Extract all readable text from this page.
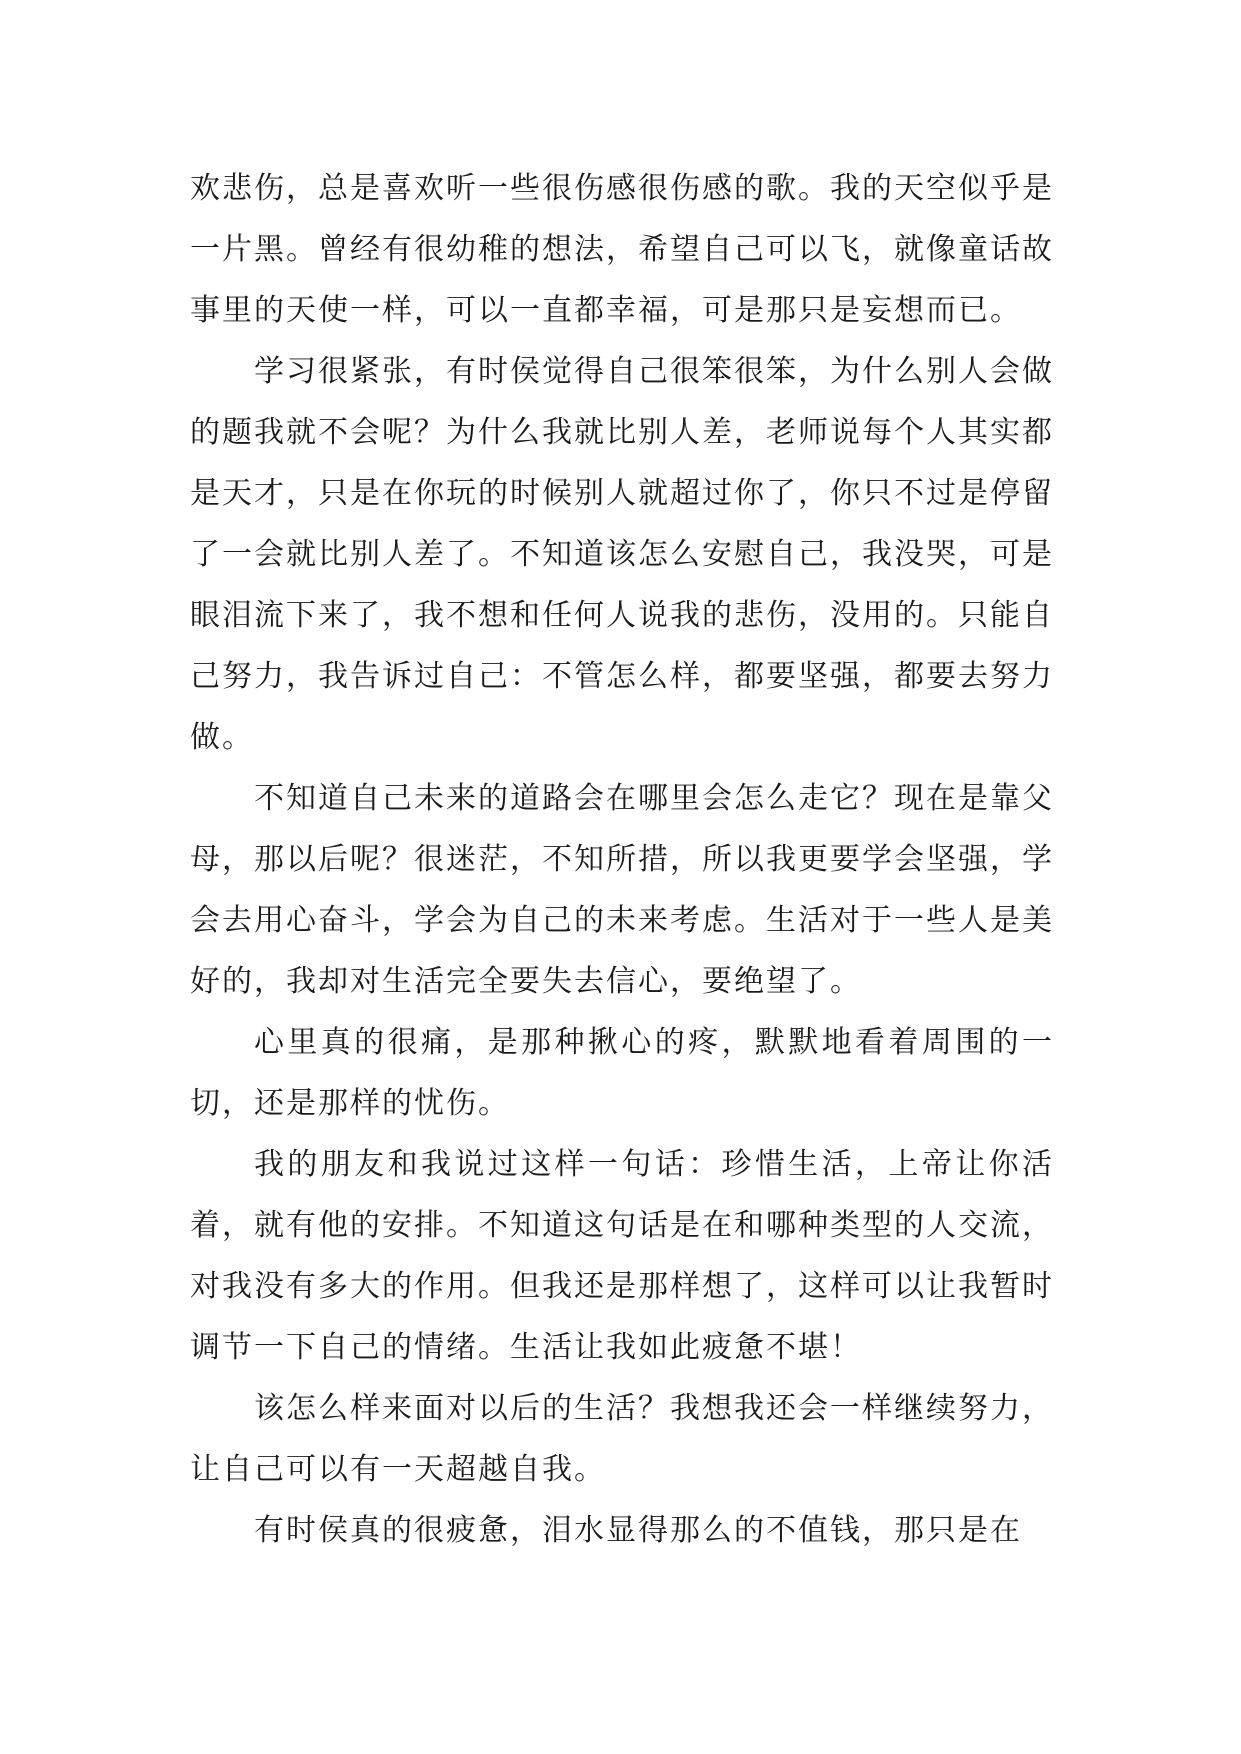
欢悲伤，总是喜欢听一些很伤感很伤感的歌。我的天空似乎是一片黑。曾经有很幼稚的想法，希望自己可以飞，就像童话故事里的天使一样，可以一直都幸福，可是那只是妄想而已。

学习很紧张，有时侯觉得自己很笨很笨，为什么别人会做的题我就不会呢？为什么我就比别人差，老师说每个人其实都是天才，只是在你玩的时候别人就超过你了，你只不过是停留了一会就比别人差了。不知道该怎么安慰自己，我没哭，可是眼泪流下来了，我不想和任何人说我的悲伤，没用的。只能自己努力，我告诉过自己：不管怎么样，都要坚强，都要去努力做。

不知道自己未来的道路会在哪里会怎么走它？现在是靠父母，那以后呢？很迷茫，不知所措，所以我更要学会坚强，学会去用心奋斗，学会为自己的未来考虑。生活对于一些人是美好的，我却对生活完全要失去信心，要绝望了。

心里真的很痛，是那种揪心的疼，默默地看着周围的一切，还是那样的忧伤。

我的朋友和我说过这样一句话：珍惜生活，上帝让你活着，就有他的安排。不知道这句话是在和哪种类型的人交流，对我没有多大的作用。但我还是那样想了，这样可以让我暂时调节一下自己的情绪。生活让我如此疲惫不堪！

该怎么样来面对以后的生活？我想我还会一样继续努力，让自己可以有一天超越自我。

有时侯真的很疲惫，泪水显得那么的不值钱，那只是在
